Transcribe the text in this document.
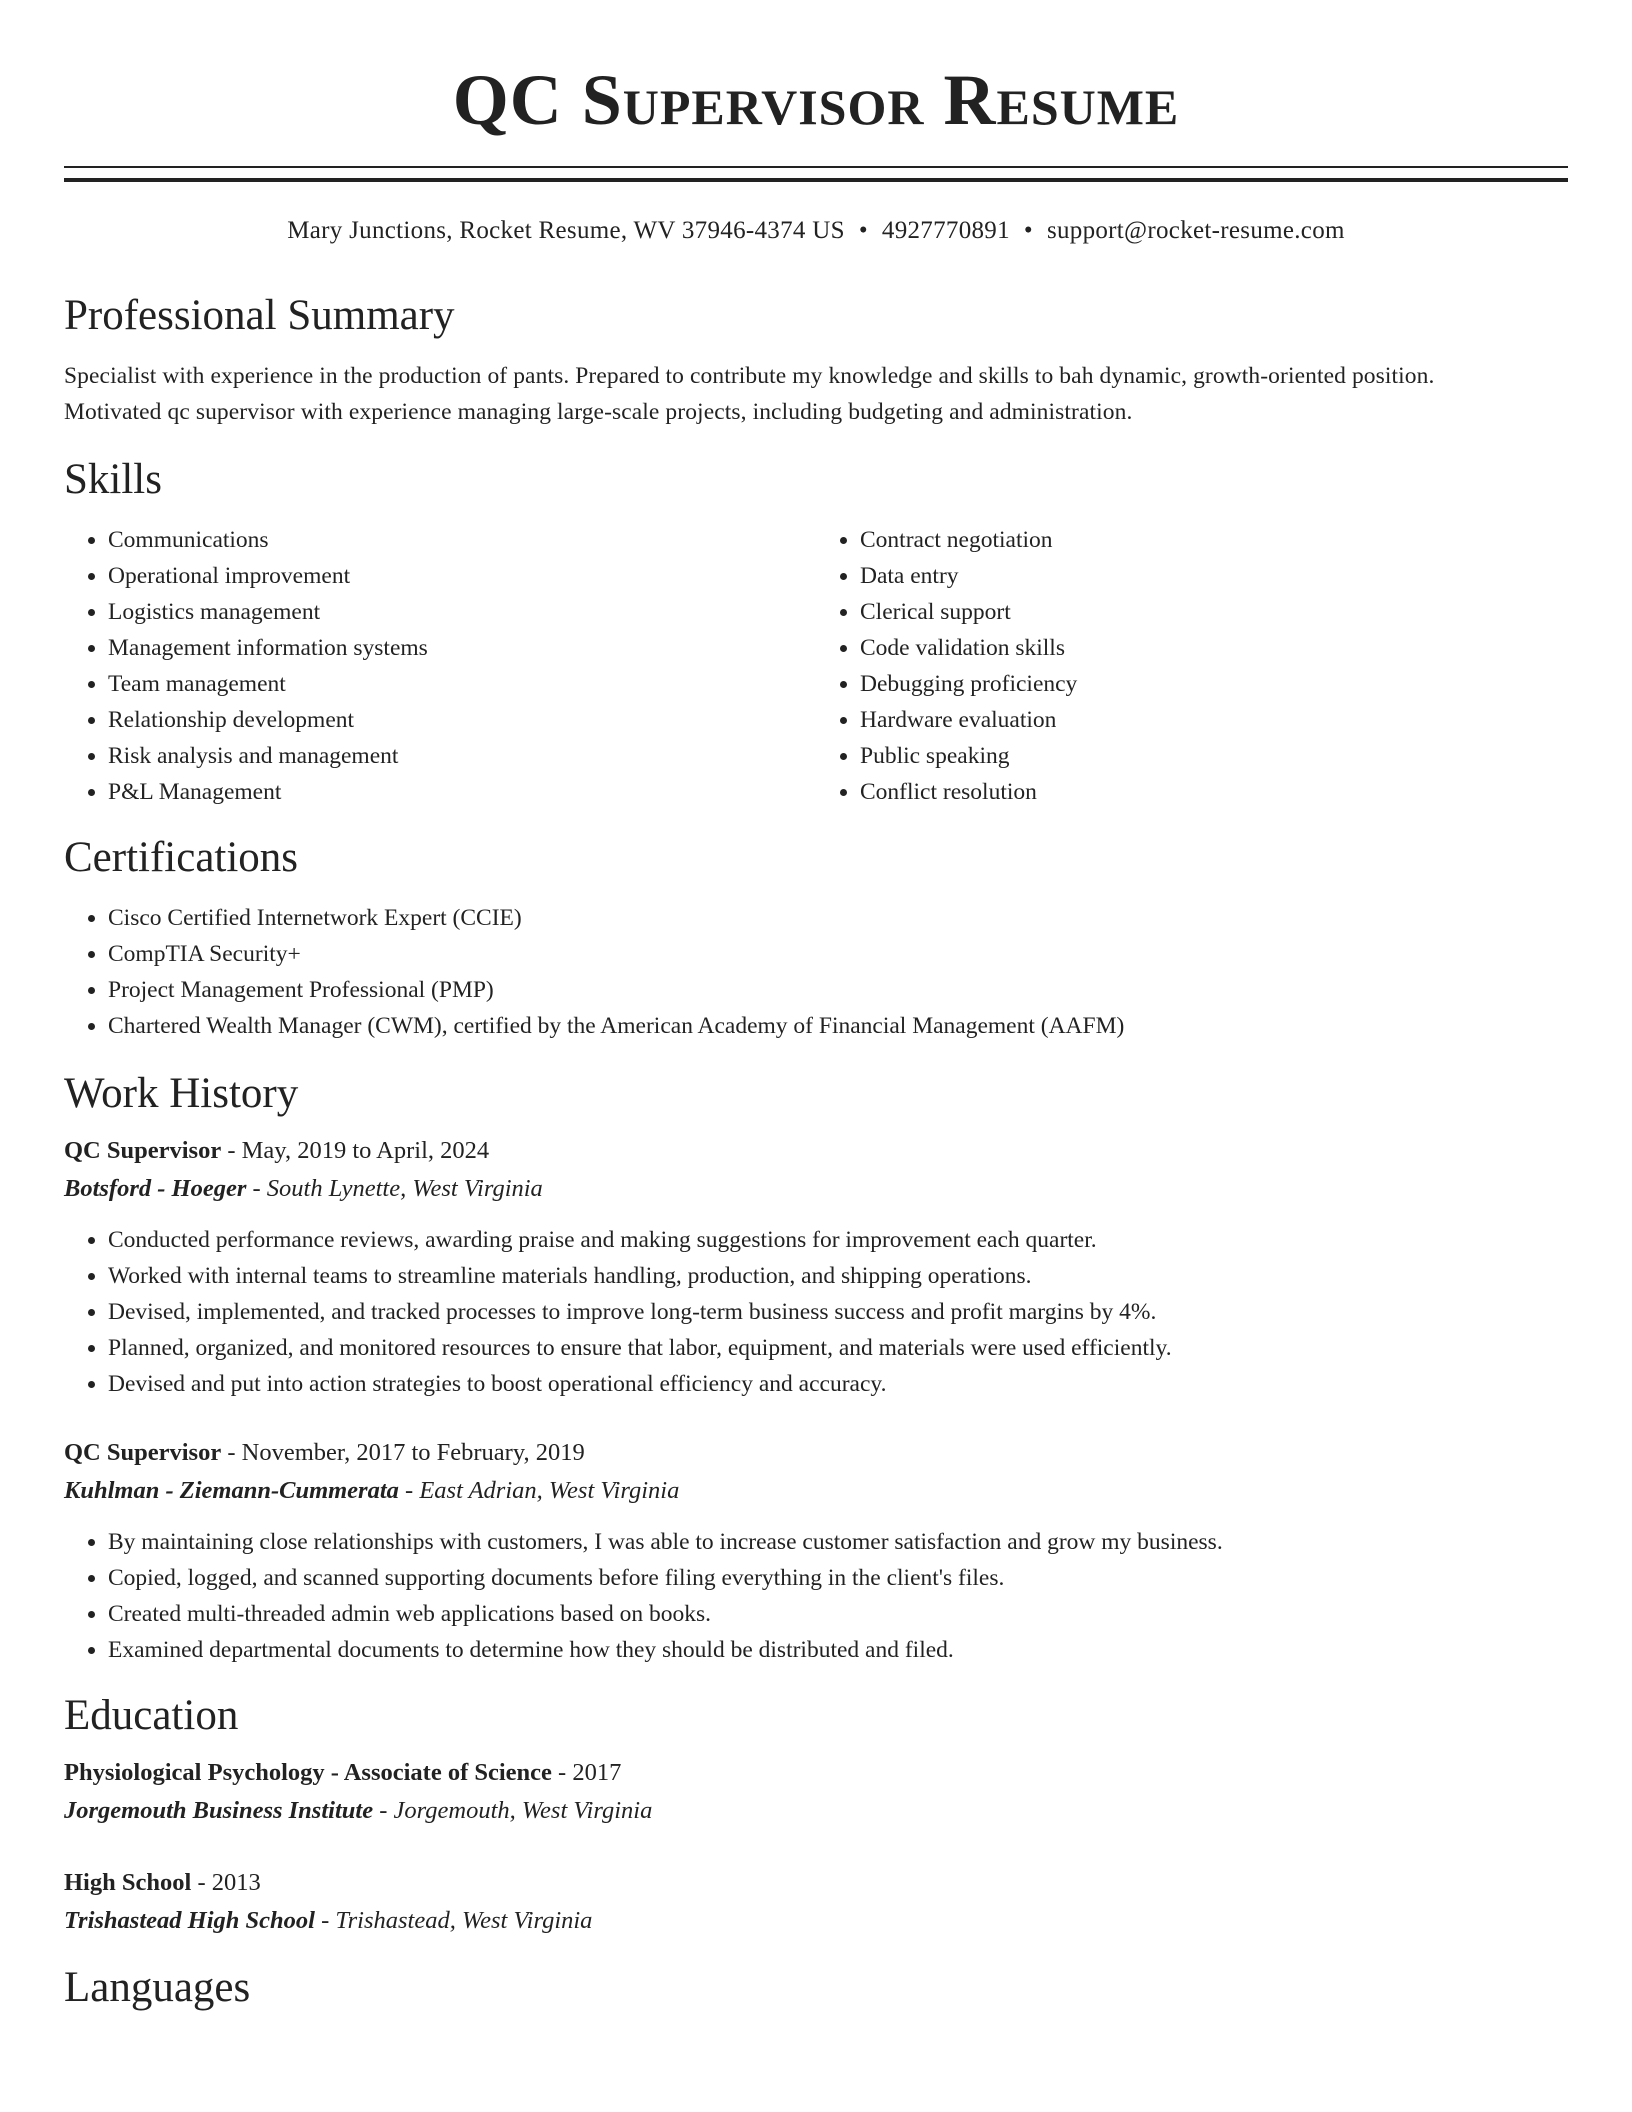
QC Supervisor Resume
Mary Junctions, Rocket Resume, WV 37946-4374 US • 4927770891 • support@rocket-resume.com
Professional Summary

Specialist with experience in the production of pants. Prepared to contribute my knowledge and skills to bah dynamic, growth-oriented position.

Motivated qc supervisor with experience managing large-scale projects, including budgeting and administration.

Skills
• Communications
• Operational improvement
• Logistics management
• Management information systems
• Team management
• Relationship development
• Risk analysis and management
• P&L Management
• Contract negotiation
• Data entry
• Clerical support
• Code validation skills
• Debugging proficiency
• Hardware evaluation
• Public speaking
• Conflict resolution
Certifications
• Cisco Certified Internetwork Expert (CCIE)
• CompTIA Security+
• Project Management Professional (PMP)
• Chartered Wealth Manager (CWM), certified by the American Academy of Financial Management (AAFM)
Work History
QC Supervisor - May, 2019 to April, 2024
Botsford - Hoeger - South Lynette, West Virginia
• Conducted performance reviews, awarding praise and making suggestions for improvement each quarter.
• Worked with internal teams to streamline materials handling, production, and shipping operations.
• Devised, implemented, and tracked processes to improve long-term business success and profit margins by 4%.
• Planned, organized, and monitored resources to ensure that labor, equipment, and materials were used efficiently.
• Devised and put into action strategies to boost operational efficiency and accuracy.
QC Supervisor - November, 2017 to February, 2019
Kuhlman - Ziemann-Cummerata - East Adrian, West Virginia
• By maintaining close relationships with customers, I was able to increase customer satisfaction and grow my business.
• Copied, logged, and scanned supporting documents before filing everything in the client's files.
• Created multi-threaded admin web applications based on books.
• Examined departmental documents to determine how they should be distributed and filed.
Education
Physiological Psychology - Associate of Science - 2017
Jorgemouth Business Institute - Jorgemouth, West Virginia
High School - 2013
Trishastead High School - Trishastead, West Virginia
Languages
